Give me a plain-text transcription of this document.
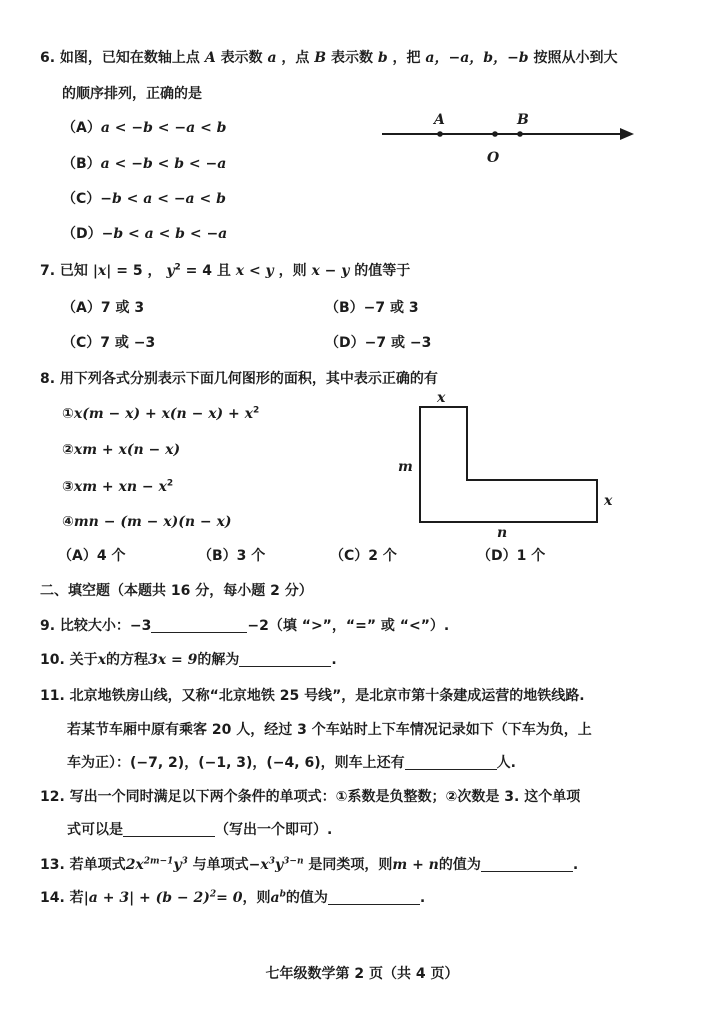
6. 如图，已知在数轴上点 A 表示数 a ，点 B 表示数 b ，把 a，−a，b，−b 按照从小到大
的顺序排列，正确的是
（A）a < −b < −a < b
（B）a < −b < b < −a
（C）−b < a < −a < b
（D）−b < a < b < −a
A	B
O
7. 已知 |x| = 5 ， $y^2 = 4$ 且 x < y ，则 x − y 的值等于
（A）7 或 3	（B）−7 或 3
（C）7 或 −3	（D）−7 或 −3
8. 用下列各式分别表示下面几何图形的面积，其中表示正确的有
①x(m − $x) + x(n - x) + x^2$
②xm + x(n − x)
③xm + xn − $x^2$
④mn − (m − x)(n − x)
x
m
x
n
（A）4 个	（B）3 个	（C）2 个	（D）1 个
二、填空题（本题共 16 分，每小题 2 分）
9. 比较大小：−3	−2（填 “>”，“=” 或 “<”）.
10. 关于x的方程3x = 9的解为	.
11. 北京地铁房山线，又称“北京地铁 25 号线”，是北京市第十条建成运营的地铁线路.
若某节车厢中原有乘客 20 人，经过 3 个车站时上下车情况记录如下（下车为负，上
车为正）：(−7, 2)，(−1, 3)，(−4, 6)，则车上还有	人.
12. 写出一个同时满足以下两个条件的单项式：①系数是负整数；②次数是 3. 这个单项
式可以是	（写出一个即可）.
13. 若单项式$2x^{2m-1}y^3$ 与单项式$-x^3y^{3-n}$ 是同类项，则m + n的值为	.
14. 若$|a + 3| + (b - 2)^2= 0$，则$a^b$的值为	.
七年级数学第 2 页（共 4 页）
